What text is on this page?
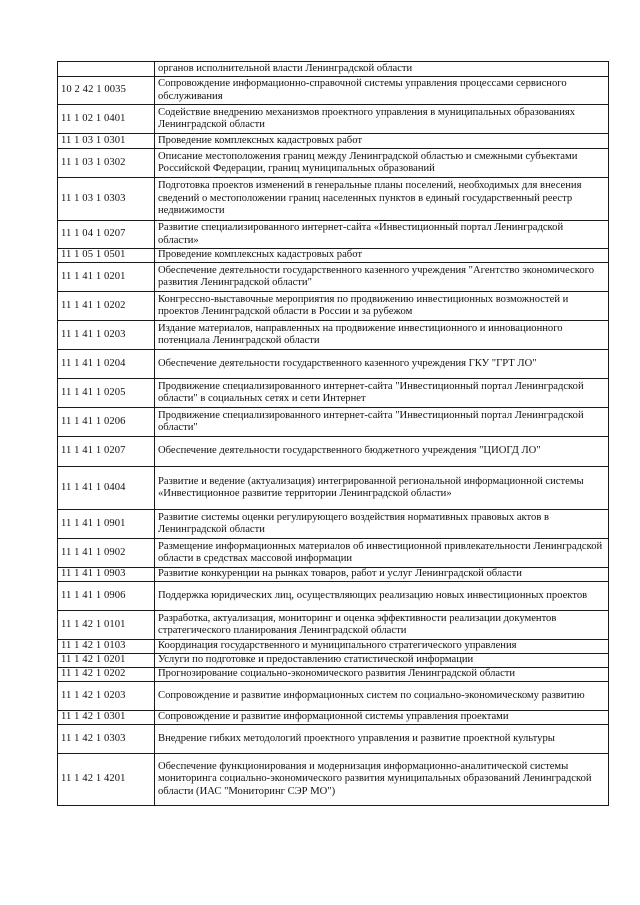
	органов исполнительной власти Ленинградской области
10 2 42 1 0035	Сопровождение информационно-справочной системы управления процессами сервисного обслуживания
11 1 02 1 0401	Содействие внедрению механизмов проектного управления в муниципальных образованиях Ленинградской области
11 1 03 1 0301	Проведение комплексных кадастровых работ
11 1 03 1 0302	Описание местоположения границ между Ленинградской областью и смежными субъектами Российской Федерации, границ муниципальных образований
11 1 03 1 0303	Подготовка проектов изменений в генеральные планы поселений, необходимых для внесения сведений о местоположении границ населенных пунктов в единый государственный реестр недвижимости
11 1 04 1 0207	Развитие специализированного интернет-сайта «Инвестиционный портал Ленинградской области»
11 1 05 1 0501	Проведение комплексных кадастровых работ
11 1 41 1 0201	Обеспечение деятельности государственного казенного учреждения "Агентство экономического развития Ленинградской области"
11 1 41 1 0202	Конгрессно-выставочные мероприятия по продвижению инвестиционных возможностей и проектов Ленинградской области в России и за рубежом
11 1 41 1 0203	Издание материалов, направленных на продвижение инвестиционного и инновационного потенциала Ленинградской области
11 1 41 1 0204	Обеспечение деятельности государственного казенного учреждения ГКУ "ГРТ ЛО"
11 1 41 1 0205	Продвижение специализированного интернет-сайта "Инвестиционный портал Ленинградской области" в социальных сетях и сети Интернет
11 1 41 1 0206	Продвижение специализированного интернет-сайта "Инвестиционный портал Ленинградской области"
11 1 41 1 0207	Обеспечение деятельности государственного бюджетного учреждения "ЦИОГД ЛО"
11 1 41 1 0404	Развитие и ведение (актуализация) интегрированной региональной информационной системы «Инвестиционное развитие территории Ленинградской области»
11 1 41 1 0901	Развитие системы оценки регулирующего воздействия нормативных правовых актов в Ленинградской области
11 1 41 1 0902	Размещение информационных материалов об инвестиционной привлекательности Ленинградской области в средствах массовой информации
11 1 41 1 0903	Развитие конкуренции на рынках товаров, работ и услуг Ленинградской области
11 1 41 1 0906	Поддержка юридических лиц, осуществляющих реализацию новых инвестиционных проектов
11 1 42 1 0101	Разработка, актуализация, мониторинг и оценка эффективности реализации документов стратегического планирования Ленинградской области
11 1 42 1 0103	Координация государственного и муниципального стратегического управления
11 1 42 1 0201	Услуги по подготовке и предоставлению статистической информации
11 1 42 1 0202	Прогнозирование социально-экономического развития Ленинградской области
11 1 42 1 0203	Сопровождение и развитие информационных систем по социально-экономическому развитию
11 1 42 1 0301	Сопровождение и развитие информационной системы управления проектами
11 1 42 1 0303	Внедрение гибких методологий проектного управления и развитие проектной культуры
11 1 42 1 4201	Обеспечение функционирования и модернизация информационно-аналитической системы мониторинга социально-экономического развития муниципальных образований Ленинградской области (ИАС "Мониторинг СЭР МО")
